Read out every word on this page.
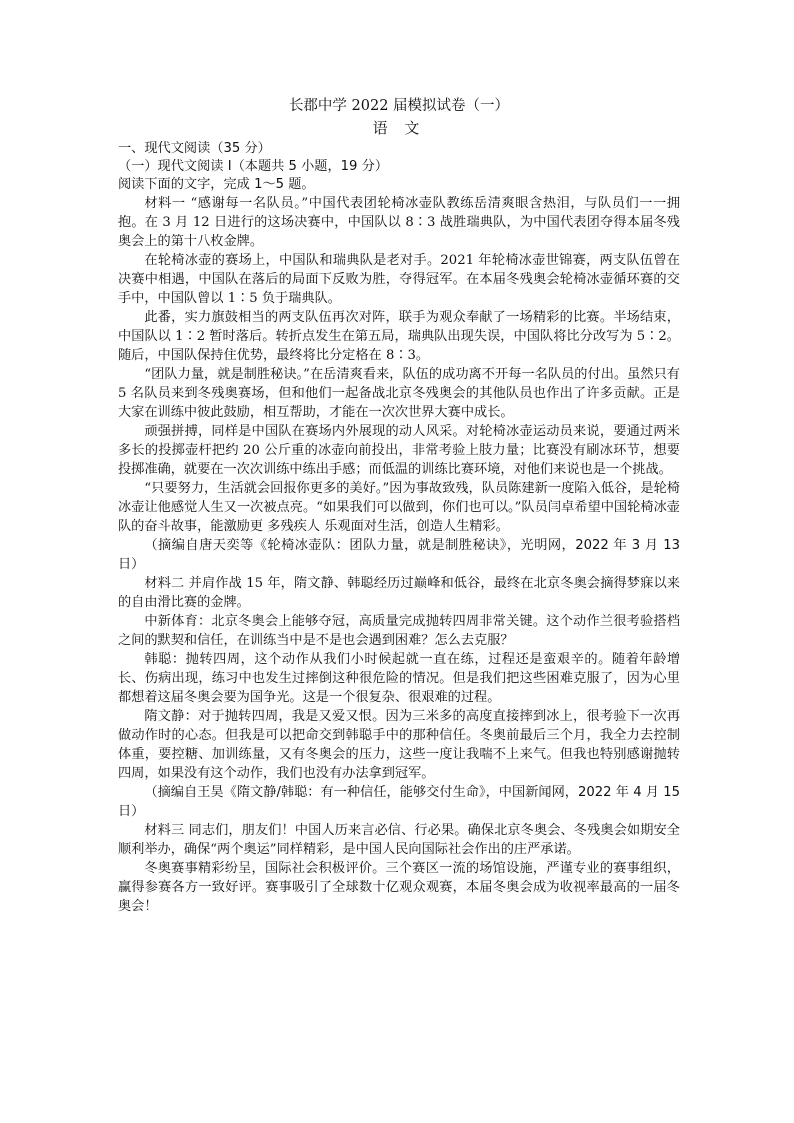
长郡中学 2022 届模拟试卷（一）
语 文

一、现代文阅读（35 分）

（一）现代文阅读 I（本题共 5 小题，19 分）

阅读下面的文字，完成 1～5 题。

材料一 “感谢每一名队员。”中国代表团轮椅冰壶队教练岳清爽眼含热泪，与队员们一一拥抱。在 3 月 12 日进行的这场决赛中，中国队以 8∶3 战胜瑞典队，为中国代表团夺得本届冬残奥会上的第十八枚金牌。

在轮椅冰壶的赛场上，中国队和瑞典队是老对手。2021 年轮椅冰壶世锦赛，两支队伍曾在决赛中相遇，中国队在落后的局面下反败为胜，夺得冠军。在本届冬残奥会轮椅冰壶循环赛的交手中，中国队曾以 1∶5 负于瑞典队。

此番，实力旗鼓相当的两支队伍再次对阵，联手为观众奉献了一场精彩的比赛。半场结束，中国队以 1∶2 暂时落后。转折点发生在第五局，瑞典队出现失误，中国队将比分改写为 5∶2。随后，中国队保持住优势，最终将比分定格在 8∶3。

“团队力量，就是制胜秘诀。”在岳清爽看来，队伍的成功离不开每一名队员的付出。虽然只有 5 名队员来到冬残奥赛场，但和他们一起备战北京冬残奥会的其他队员也作出了许多贡献。正是大家在训练中彼此鼓励，相互帮助，才能在一次次世界大赛中成长。

顽强拼搏，同样是中国队在赛场内外展现的动人风采。对轮椅冰壶运动员来说，要通过两米多长的投掷壶杆把约 20 公斤重的冰壶向前投出，非常考验上肢力量；比赛没有刷冰环节，想要投掷准确，就要在一次次训练中练出手感；而低温的训练比赛环境，对他们来说也是一个挑战。

“只要努力，生活就会回报你更多的美好。”因为事故致残，队员陈建新一度陷入低谷，是轮椅冰壶让他感觉人生又一次被点亮。“如果我们可以做到，你们也可以。”队员闫卓希望中国轮椅冰壶队的奋斗故事，能激励更 多残疾人 乐观面对生活，创造人生精彩。

（摘编自唐天奕等《轮椅冰壶队：团队力量，就是制胜秘诀》，光明网，2022 年 3 月 13 日）

材料二 并肩作战 15 年，隋文静、韩聪经历过巅峰和低谷，最终在北京冬奥会摘得梦寐以来的自由滑比赛的金牌。

中新体育：北京冬奥会上能够夺冠，高质量完成抛转四周非常关键。这个动作兰很考验搭档之间的默契和信任，在训练当中是不是也会遇到困难？怎么去克服？

韩聪：抛转四周，这个动作从我们小时候起就一直在练，过程还是蛮艰辛的。随着年龄增长、伤病出现，练习中也发生过摔倒这种很危险的情况。但是我们把这些困难克服了，因为心里都想着这届冬奥会要为国争光。这是一个很复杂、很艰难的过程。

隋文静：对于抛转四周，我是又爱又恨。因为三米多的高度直接摔到冰上，很考验下一次再做动作时的心态。但我是可以把命交到韩聪手中的那种信任。冬奥前最后三个月，我全力去控制体重，要控糖、加训练量，又有冬奥会的压力，这些一度让我喘不上来气。但我也特别感谢抛转四周，如果没有这个动作，我们也没有办法拿到冠军。

（摘编自王昊《隋文静/韩聪：有一种信任，能够交付生命》，中国新闻网，2022 年 4 月 15 日）

材料三 同志们，朋友们！中国人历来言必信、行必果。确保北京冬奥会、冬残奥会如期安全顺利举办，确保“两个奥运”同样精彩，是中国人民向国际社会作出的庄严承诺。

冬奥赛事精彩纷呈，国际社会积极评价。三个赛区一流的场馆设施，严谨专业的赛事组织，赢得参赛各方一致好评。赛事吸引了全球数十亿观众观赛，本届冬奥会成为收视率最高的一届冬奥会！
